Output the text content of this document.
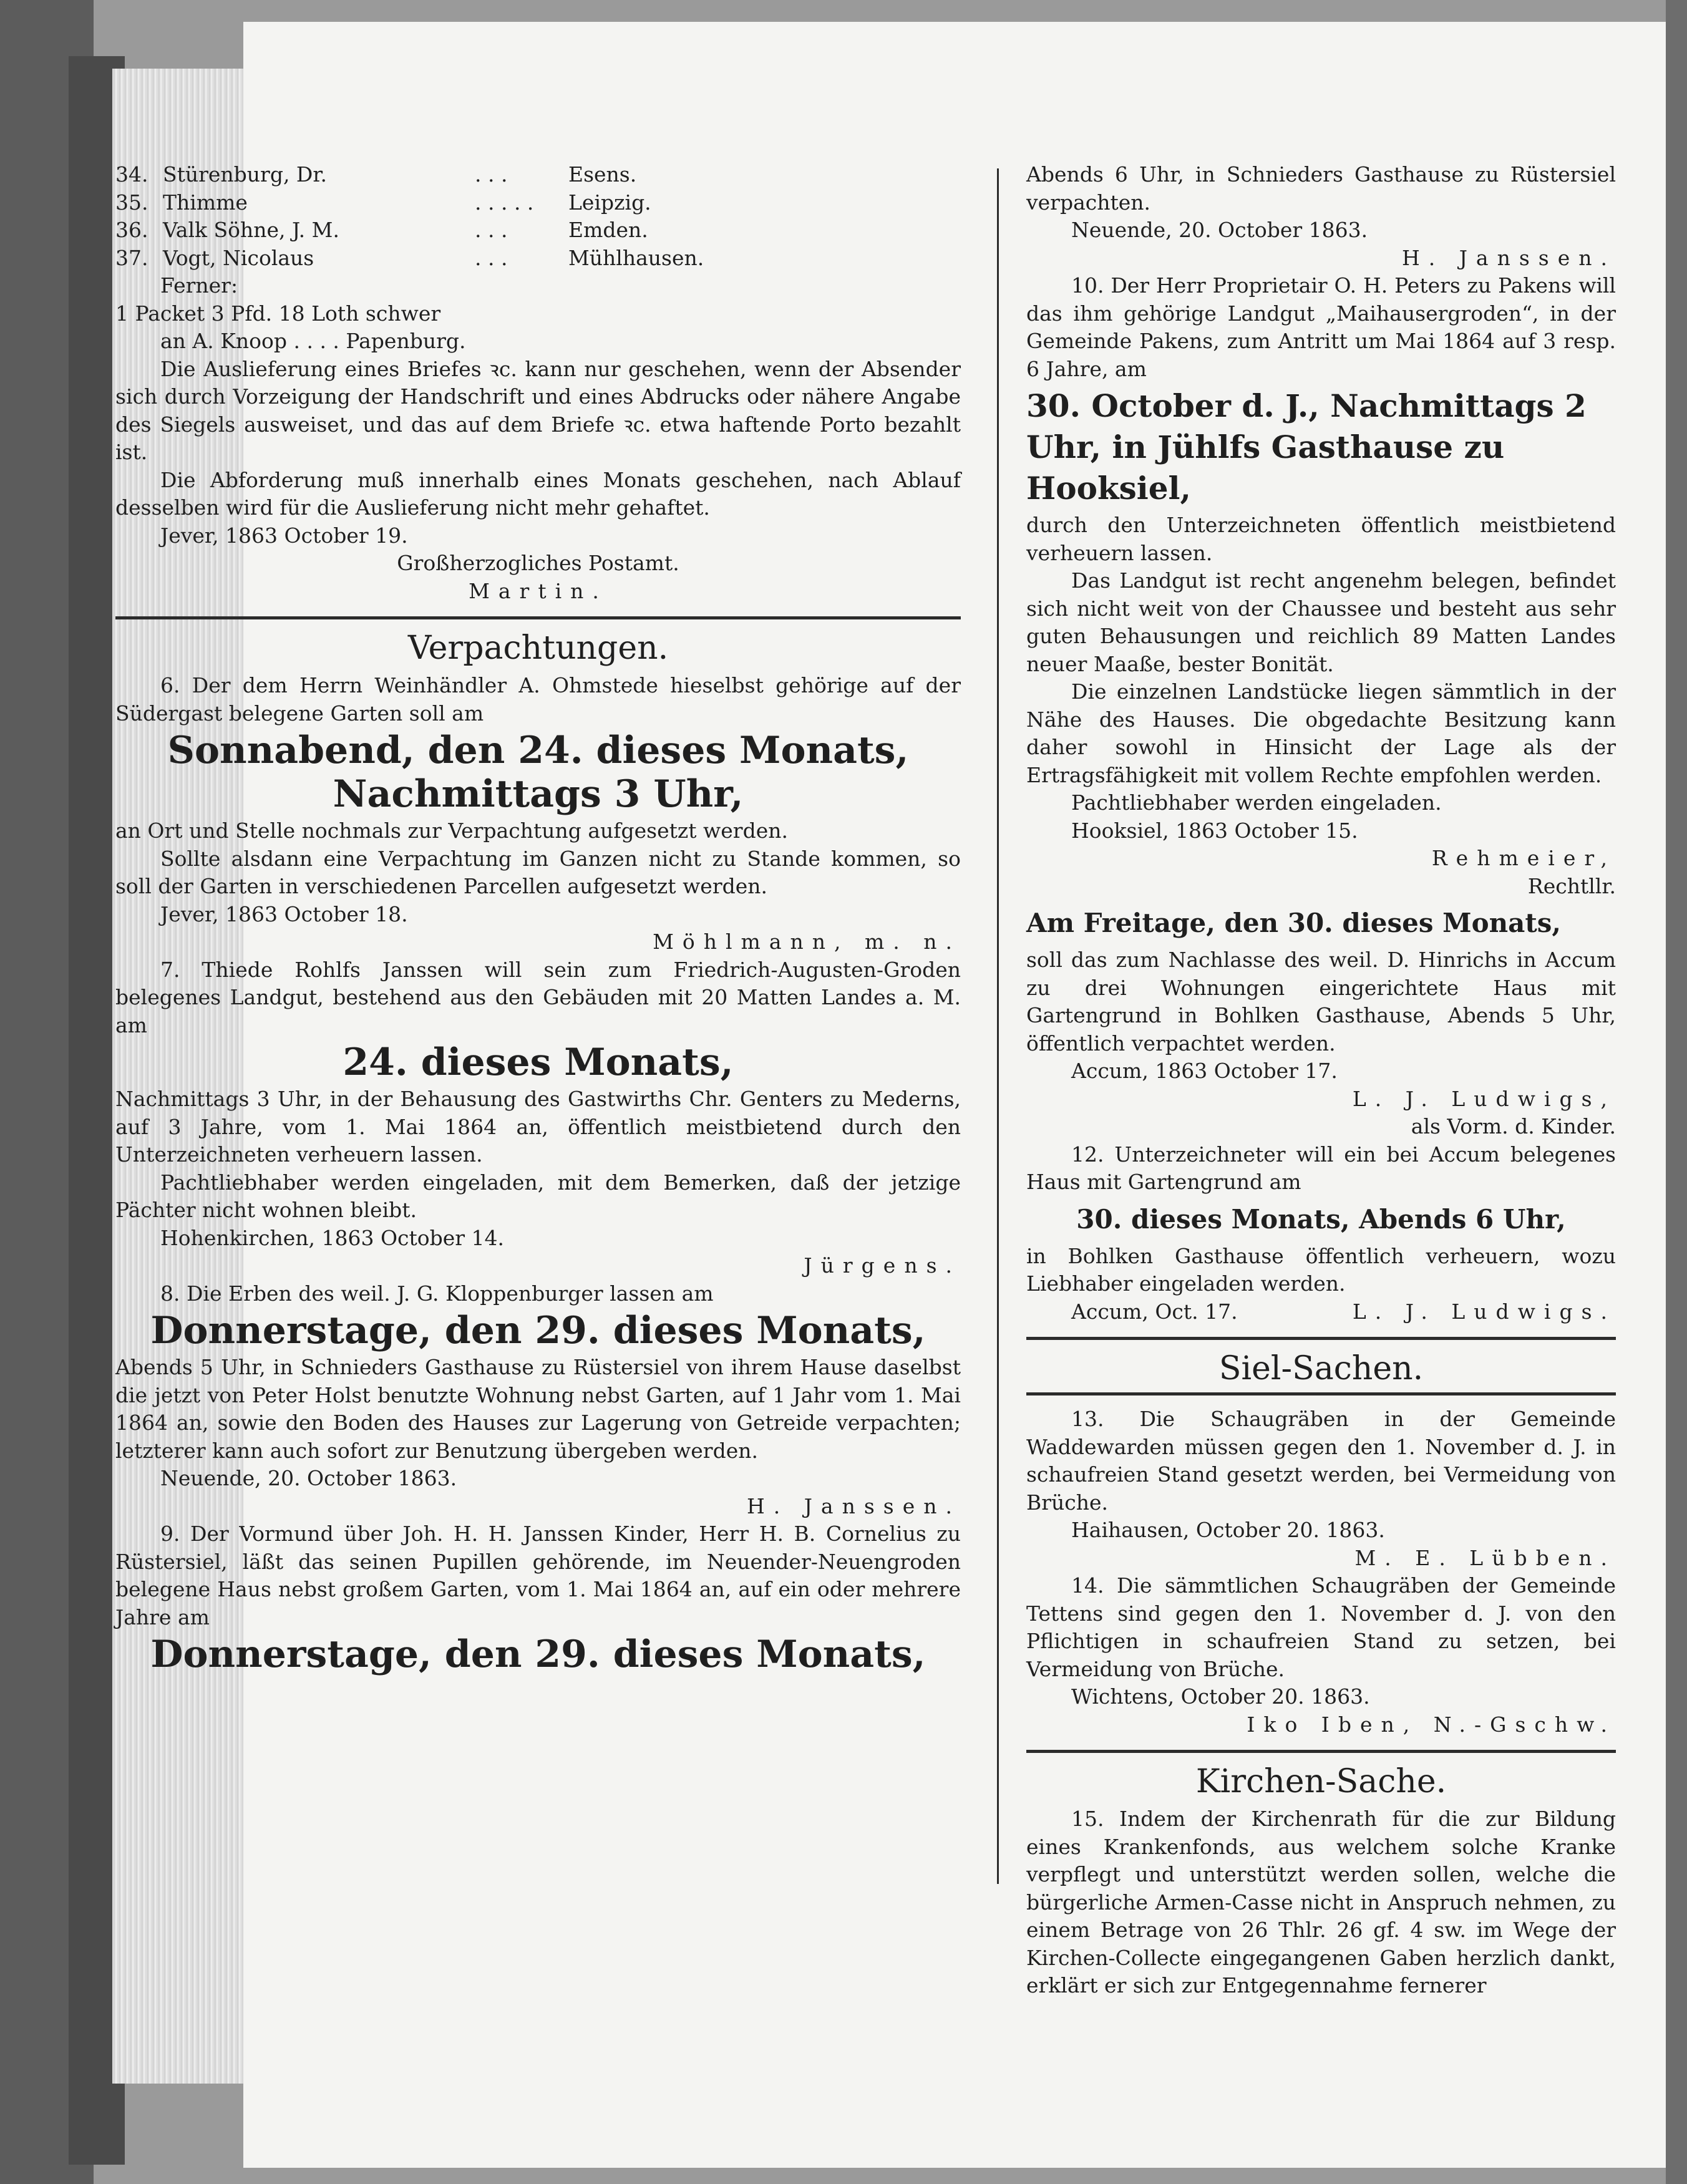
34. Stürenburg, Dr.	. . .	Esens.
35. Thimme	. . . . .	Leipzig.
36. Valk Söhne, J. M.	. . .	Emden.
37. Vogt, Nicolaus	. . .	Mühlhausen.

Ferner:

1 Packet 3 Pfd. 18 Loth schwer

an A. Knoop . . . . Papenburg.

Die Auslieferung eines Briefes ꝛc. kann nur geschehen, wenn der Absender sich durch Vorzeigung der Handschrift und eines Abdrucks oder nähere Angabe des Siegels ausweiset, und das auf dem Briefe ꝛc. etwa haftende Porto bezahlt ist.

Die Abforderung muß innerhalb eines Monats geschehen, nach Ablauf desselben wird für die Auslieferung nicht mehr gehaftet.

Jever, 1863 October 19.

Großherzogliches Postamt.

Martin.

Verpachtungen.

6. Der dem Herrn Weinhändler A. Ohmstede hieselbst gehörige auf der Südergast belegene Garten soll am

Sonnabend, den 24. dieses Monats,

Nachmittags 3 Uhr,

an Ort und Stelle nochmals zur Verpachtung aufgesetzt werden.

Sollte alsdann eine Verpachtung im Ganzen nicht zu Stande kommen, so soll der Garten in verschiedenen Parcellen aufgesetzt werden.

Jever, 1863 October 18.

Möhlmann, m. n.

7. Thiede Rohlfs Janssen will sein zum Friedrich-Augusten-Groden belegenes Landgut, bestehend aus den Gebäuden mit 20 Matten Landes a. M. am

24. dieses Monats,

Nachmittags 3 Uhr, in der Behausung des Gastwirths Chr. Genters zu Mederns, auf 3 Jahre, vom 1. Mai 1864 an, öffentlich meistbietend durch den Unterzeichneten verheuern lassen.

Pachtliebhaber werden eingeladen, mit dem Bemerken, daß der jetzige Pächter nicht wohnen bleibt.

Hohenkirchen, 1863 October 14.

Jürgens.

8. Die Erben des weil. J. G. Kloppenburger lassen am

Donnerstage, den 29. dieses Monats,

Abends 5 Uhr, in Schnieders Gasthause zu Rüstersiel von ihrem Hause daselbst die jetzt von Peter Holst benutzte Wohnung nebst Garten, auf 1 Jahr vom 1. Mai 1864 an, sowie den Boden des Hauses zur Lagerung von Getreide verpachten; letzterer kann auch sofort zur Benutzung übergeben werden.

Neuende, 20. October 1863.

H. Janssen.

9. Der Vormund über Joh. H. H. Janssen Kinder, Herr H. B. Cornelius zu Rüstersiel, läßt das seinen Pupillen gehörende, im Neuender-Neuengroden belegene Haus nebst großem Garten, vom 1. Mai 1864 an, auf ein oder mehrere Jahre am

Donnerstage, den 29. dieses Monats,

Abends 6 Uhr, in Schnieders Gasthause zu Rüstersiel verpachten.

Neuende, 20. October 1863.

H. Janssen.

10. Der Herr Proprietair O. H. Peters zu Pakens will das ihm gehörige Landgut „Maihausergroden“, in der Gemeinde Pakens, zum Antritt um Mai 1864 auf 3 resp. 6 Jahre, am

30. October d. J., Nachmittags 2 Uhr, in Jühlfs Gasthause zu Hooksiel,

durch den Unterzeichneten öffentlich meistbietend verheuern lassen.

Das Landgut ist recht angenehm belegen, befindet sich nicht weit von der Chaussee und besteht aus sehr guten Behausungen und reichlich 89 Matten Landes neuer Maaße, bester Bonität.

Die einzelnen Landstücke liegen sämmtlich in der Nähe des Hauses. Die obgedachte Besitzung kann daher sowohl in Hinsicht der Lage als der Ertragsfähigkeit mit vollem Rechte empfohlen werden.

Pachtliebhaber werden eingeladen.

Hooksiel, 1863 October 15.

Rehmeier,

Rechtllr.

Am Freitage, den 30. dieses Monats,

soll das zum Nachlasse des weil. D. Hinrichs in Accum zu drei Wohnungen eingerichtete Haus mit Gartengrund in Bohlken Gasthause, Abends 5 Uhr, öffentlich verpachtet werden.

Accum, 1863 October 17.

L. J. Ludwigs,

als Vorm. d. Kinder.

12. Unterzeichneter will ein bei Accum belegenes Haus mit Gartengrund am

30. dieses Monats, Abends 6 Uhr,

in Bohlken Gasthause öffentlich verheuern, wozu Liebhaber eingeladen werden.

Accum, Oct. 17.	L. J. Ludwigs.

Siel-Sachen.

13. Die Schaugräben in der Gemeinde Waddewarden müssen gegen den 1. November d. J. in schaufreien Stand gesetzt werden, bei Vermeidung von Brüche.

Haihausen, October 20. 1863.

M. E. Lübben.

14. Die sämmtlichen Schaugräben der Gemeinde Tettens sind gegen den 1. November d. J. von den Pflichtigen in schaufreien Stand zu setzen, bei Vermeidung von Brüche.

Wichtens, October 20. 1863.

Iko Iben, N.-Gschw.

Kirchen-Sache.

15. Indem der Kirchenrath für die zur Bildung eines Krankenfonds, aus welchem solche Kranke verpflegt und unterstützt werden sollen, welche die bürgerliche Armen-Casse nicht in Anspruch nehmen, zu einem Betrage von 26 Thlr. 26 gf. 4 sw. im Wege der Kirchen-Collecte eingegangenen Gaben herzlich dankt, erklärt er sich zur Entgegennahme fernerer
